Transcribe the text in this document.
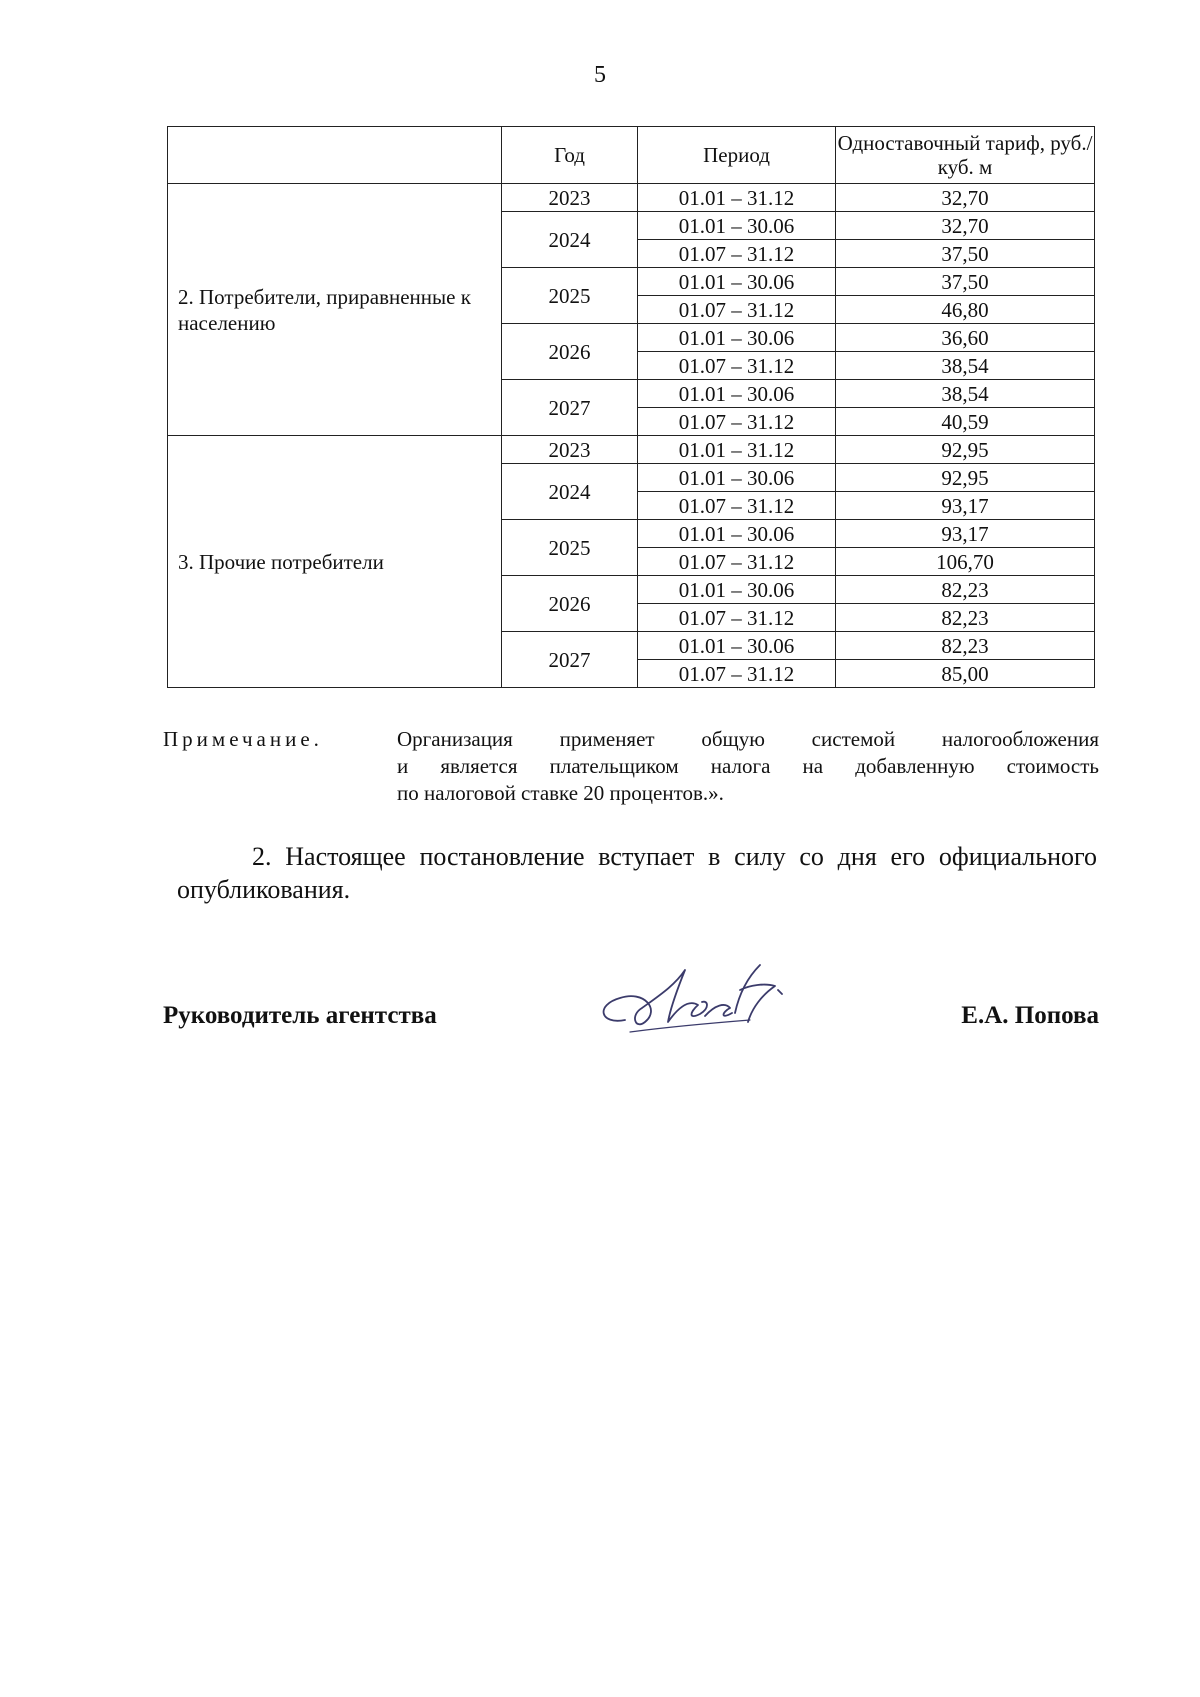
5
	Год	Период	Одноставочный тариф, руб./куб. м
2. Потребители, приравненные к населению	2023	01.01 – 31.12	32,70
	2024	01.01 – 30.06	32,70
		01.07 – 31.12	37,50
	2025	01.01 – 30.06	37,50
		01.07 – 31.12	46,80
	2026	01.01 – 30.06	36,60
		01.07 – 31.12	38,54
	2027	01.01 – 30.06	38,54
		01.07 – 31.12	40,59
3. Прочие потребители	2023	01.01 – 31.12	92,95
	2024	01.01 – 30.06	92,95
		01.07 – 31.12	93,17
	2025	01.01 – 30.06	93,17
		01.07 – 31.12	106,70
	2026	01.01 – 30.06	82,23
		01.07 – 31.12	82,23
	2027	01.01 – 30.06	82,23
		01.07 – 31.12	85,00
Примечание.	Организация применяет общую системой налогообложения
и является плательщиком налога на добавленную стоимость
по налоговой ставке 20 процентов.».
2. Настоящее постановление вступает в силу со дня его официального опубликования.
Руководитель агентства	Е.А. Попова
